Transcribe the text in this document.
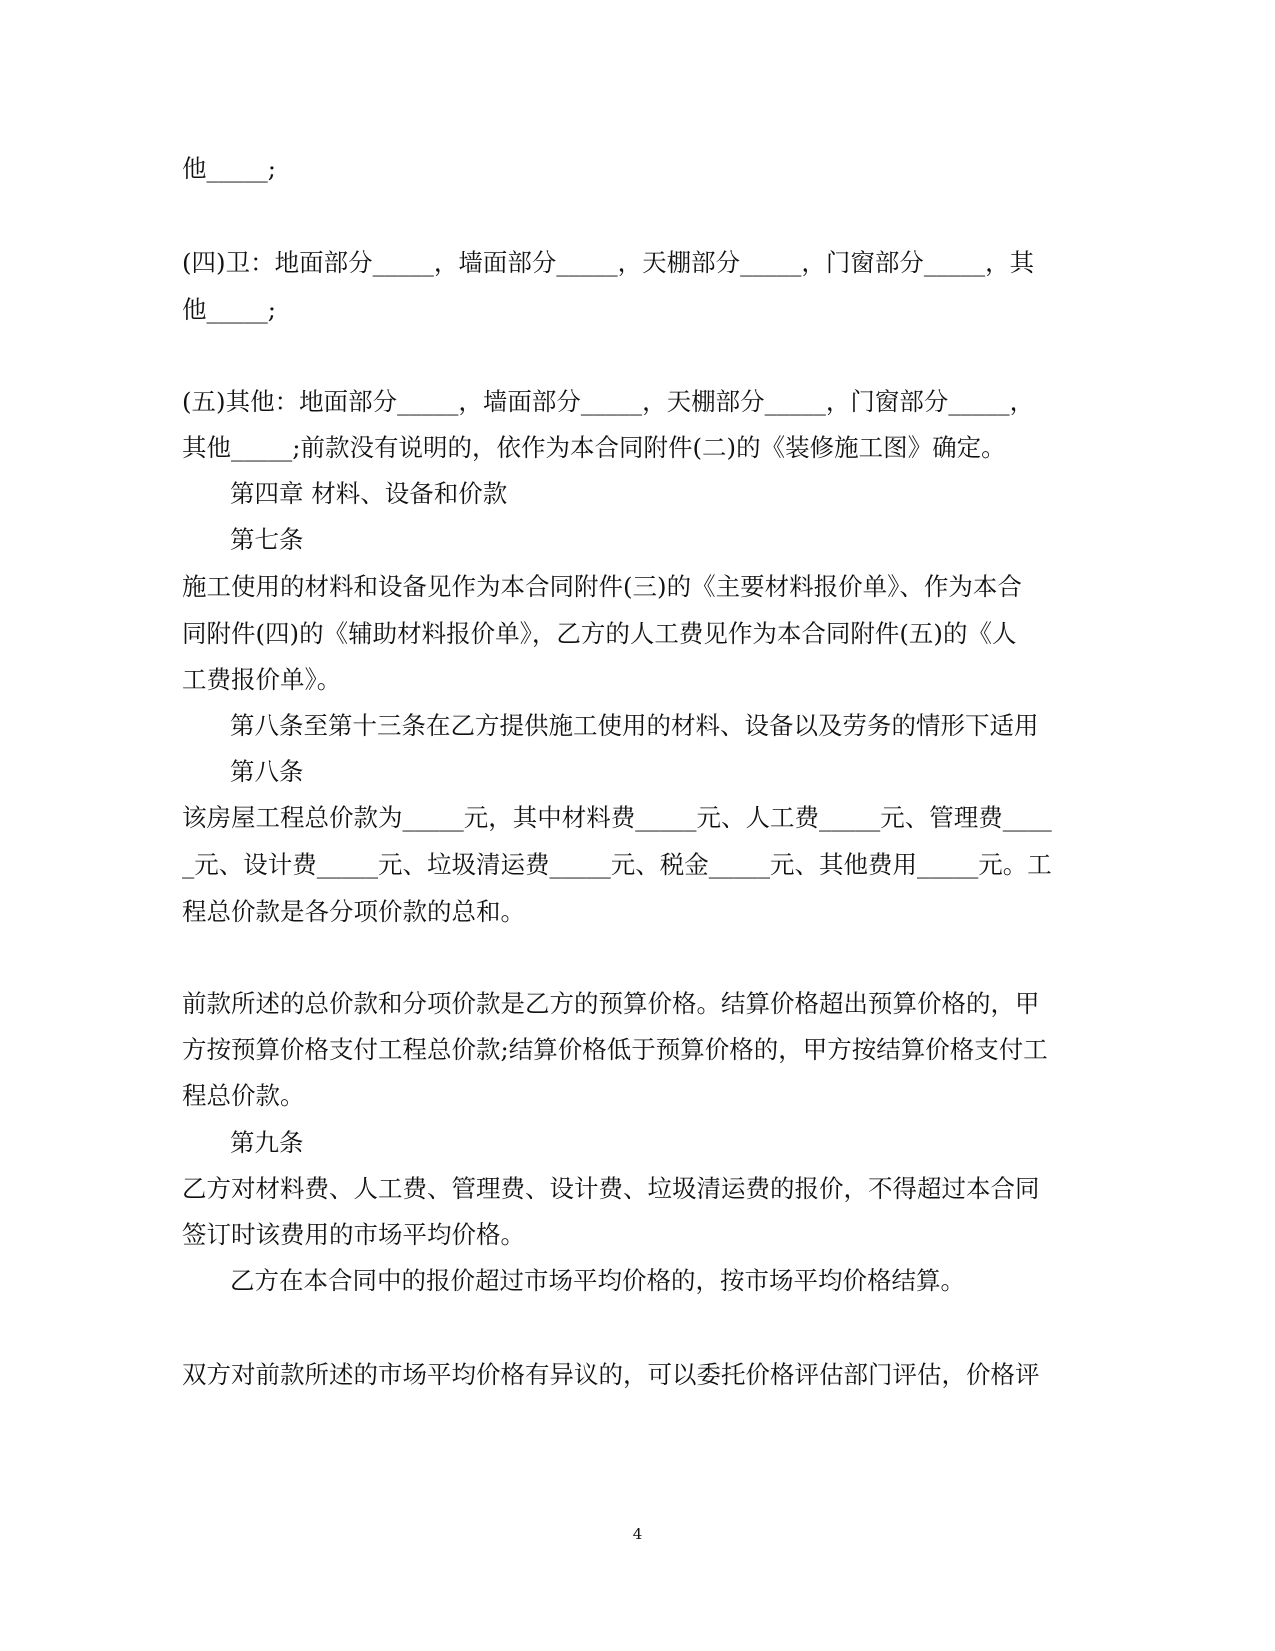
他_____;
(四)卫：地面部分_____，墙面部分_____，天棚部分_____，门窗部分_____，其
他_____;
(五)其他：地面部分_____，墙面部分_____，天棚部分_____，门窗部分_____，
其他_____;前款没有说明的，依作为本合同附件(二)的《装修施工图》确定。
第四章 材料、设备和价款
第七条
施工使用的材料和设备见作为本合同附件(三)的《主要材料报价单》、作为本合
同附件(四)的《辅助材料报价单》，乙方的人工费见作为本合同附件(五)的《人
工费报价单》。
第八条至第十三条在乙方提供施工使用的材料、设备以及劳务的情形下适用
第八条
该房屋工程总价款为_____元，其中材料费_____元、人工费_____元、管理费____
_元、设计费_____元、垃圾清运费_____元、税金_____元、其他费用_____元。工
程总价款是各分项价款的总和。
前款所述的总价款和分项价款是乙方的预算价格。结算价格超出预算价格的，甲
方按预算价格支付工程总价款;结算价格低于预算价格的，甲方按结算价格支付工
程总价款。
第九条
乙方对材料费、人工费、管理费、设计费、垃圾清运费的报价，不得超过本合同
签订时该费用的市场平均价格。
乙方在本合同中的报价超过市场平均价格的，按市场平均价格结算。
双方对前款所述的市场平均价格有异议的，可以委托价格评估部门评估，价格评
4
